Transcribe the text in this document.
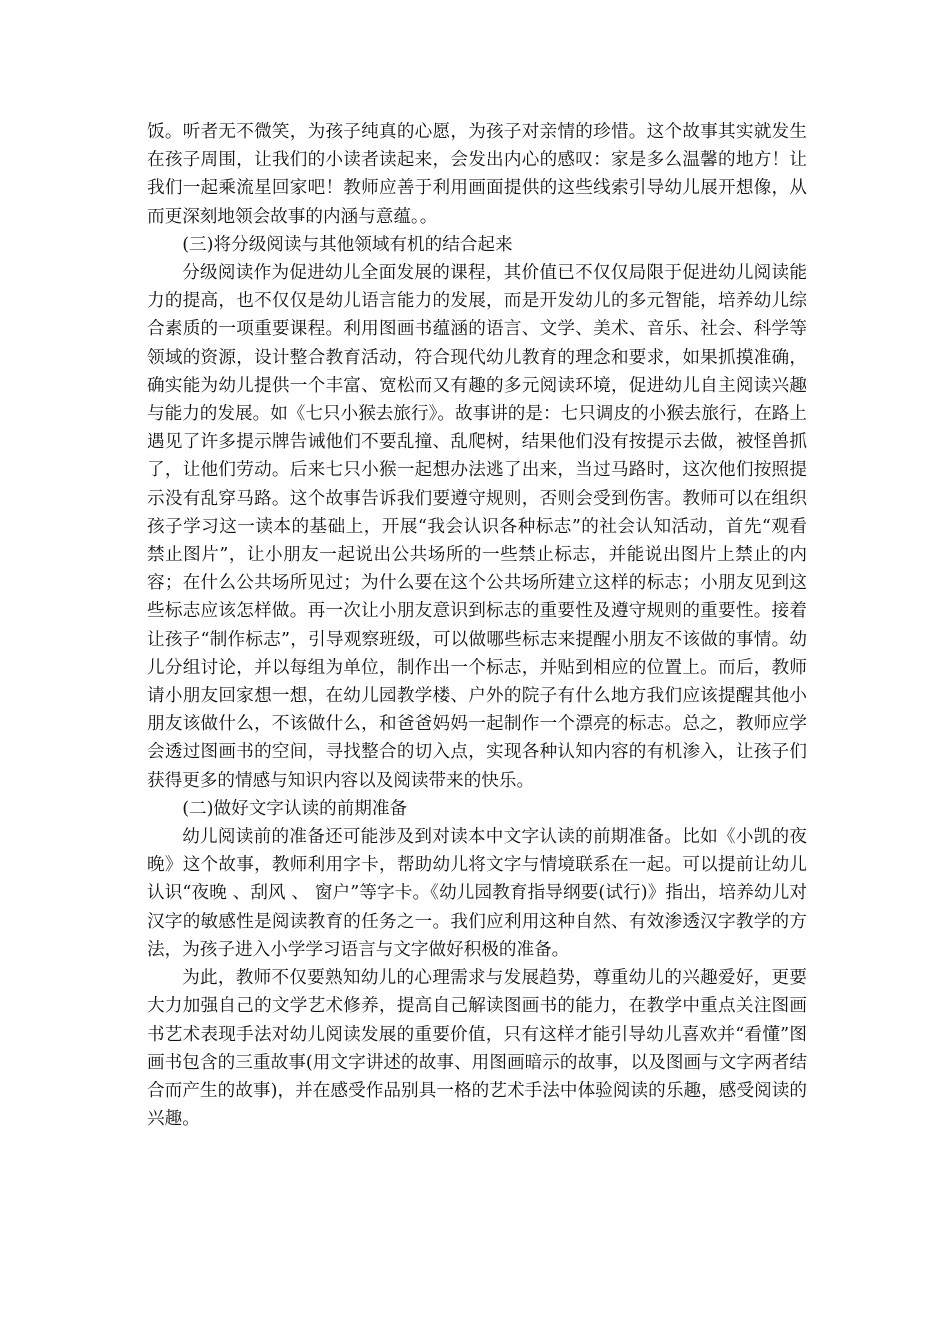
饭。听者无不微笑，为孩子纯真的心愿，为孩子对亲情的珍惜。这个故事其实就发生在孩子周围，让我们的小读者读起来，会发出内心的感叹：家是多么温馨的地方！让我们一起乘流星回家吧！教师应善于利用画面提供的这些线索引导幼儿展开想像，从而更深刻地领会故事的内涵与意蕴。。

(三)将分级阅读与其他领域有机的结合起来

分级阅读作为促进幼儿全面发展的课程，其价值已不仅仅局限于促进幼儿阅读能力的提高，也不仅仅是幼儿语言能力的发展，而是开发幼儿的多元智能，培养幼儿综合素质的一项重要课程。利用图画书蕴涵的语言、文学、美术、音乐、社会、科学等领域的资源，设计整合教育活动，符合现代幼儿教育的理念和要求，如果抓摸准确，确实能为幼儿提供一个丰富、宽松而又有趣的多元阅读环境，促进幼儿自主阅读兴趣与能力的发展。如《七只小猴去旅行》。故事讲的是：七只调皮的小猴去旅行，在路上遇见了许多提示牌告诫他们不要乱撞、乱爬树，结果他们没有按提示去做，被怪兽抓了，让他们劳动。后来七只小猴一起想办法逃了出来，当过马路时，这次他们按照提示没有乱穿马路。这个故事告诉我们要遵守规则，否则会受到伤害。教师可以在组织孩子学习这一读本的基础上，开展“我会认识各种标志”的社会认知活动，首先“观看禁止图片”，让小朋友一起说出公共场所的一些禁止标志，并能说出图片上禁止的内容；在什么公共场所见过；为什么要在这个公共场所建立这样的标志；小朋友见到这些标志应该怎样做。再一次让小朋友意识到标志的重要性及遵守规则的重要性。接着让孩子“制作标志”，引导观察班级，可以做哪些标志来提醒小朋友不该做的事情。幼儿分组讨论，并以每组为单位，制作出一个标志，并贴到相应的位置上。而后，教师请小朋友回家想一想，在幼儿园教学楼、户外的院子有什么地方我们应该提醒其他小朋友该做什么，不该做什么，和爸爸妈妈一起制作一个漂亮的标志。总之，教师应学会透过图画书的空间，寻找整合的切入点，实现各种认知内容的有机渗入，让孩子们获得更多的情感与知识内容以及阅读带来的快乐。

(二)做好文字认读的前期准备

幼儿阅读前的准备还可能涉及到对读本中文字认读的前期准备。比如《小凯的夜晚》这个故事，教师利用字卡，帮助幼儿将文字与情境联系在一起。可以提前让幼儿认识“夜晚 、刮风 、 窗户”等字卡。《幼儿园教育指导纲要(试行)》指出，培养幼儿对汉字的敏感性是阅读教育的任务之一。我们应利用这种自然、有效渗透汉字教学的方法，为孩子进入小学学习语言与文字做好积极的准备。

为此，教师不仅要熟知幼儿的心理需求与发展趋势，尊重幼儿的兴趣爱好，更要大力加强自己的文学艺术修养，提高自己解读图画书的能力，在教学中重点关注图画书艺术表现手法对幼儿阅读发展的重要价值，只有这样才能引导幼儿喜欢并“看懂”图画书包含的三重故事(用文字讲述的故事、用图画暗示的故事，以及图画与文字两者结合而产生的故事)，并在感受作品别具一格的艺术手法中体验阅读的乐趣，感受阅读的兴趣。
